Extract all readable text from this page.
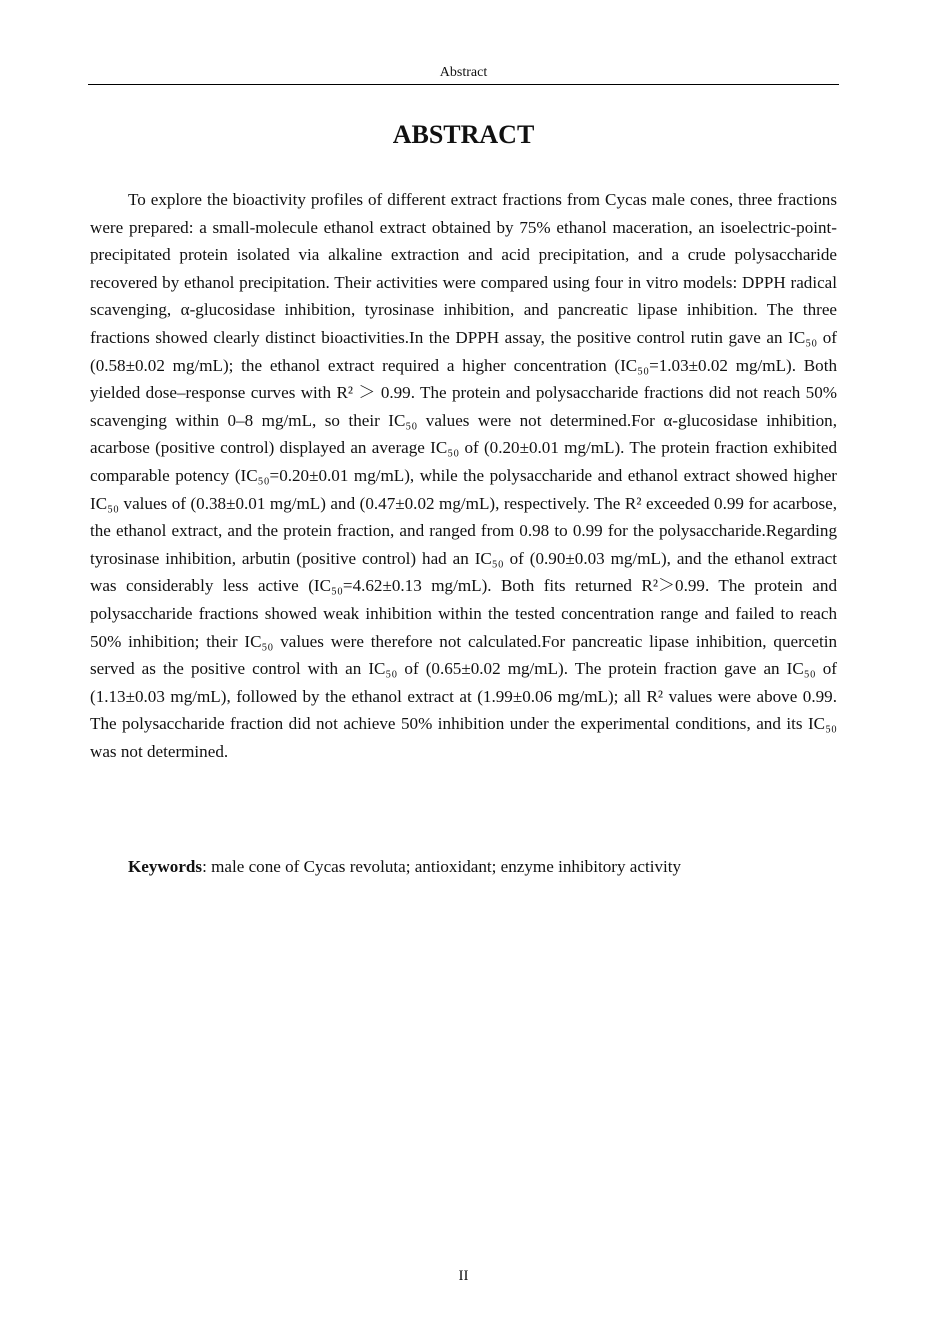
Abstract
ABSTRACT

To explore the bioactivity profiles of different extract fractions from Cycas male cones, three fractions were prepared: a small-molecule ethanol extract obtained by 75% ethanol maceration, an isoelectric-point-precipitated protein isolated via alkaline extraction and acid precipitation, and a crude polysaccharide recovered by ethanol precipitation. Their activities were compared using four in vitro models: DPPH radical scavenging, α-glucosidase inhibition, tyrosinase inhibition, and pancreatic lipase inhibition. The three fractions showed clearly distinct bioactivities.In the DPPH assay, the positive control rutin gave an IC₅₀ of (0.58±0.02 mg/mL); the ethanol extract required a higher concentration (IC₅₀=1.03±0.02 mg/mL). Both yielded dose–response curves with R² ＞ 0.99. The protein and polysaccharide fractions did not reach 50% scavenging within 0–8 mg/mL, so their IC₅₀ values were not determined.For α-glucosidase inhibition, acarbose (positive control) displayed an average IC₅₀ of (0.20±0.01 mg/mL). The protein fraction exhibited comparable potency (IC₅₀=0.20±0.01 mg/mL), while the polysaccharide and ethanol extract showed higher IC₅₀ values of (0.38±0.01 mg/mL) and (0.47±0.02 mg/mL), respectively. The R² exceeded 0.99 for acarbose, the ethanol extract, and the protein fraction, and ranged from 0.98 to 0.99 for the polysaccharide.Regarding tyrosinase inhibition, arbutin (positive control) had an IC₅₀ of (0.90±0.03 mg/mL), and the ethanol extract was considerably less active (IC₅₀=4.62±0.13 mg/mL). Both fits returned R²＞0.99. The protein and polysaccharide fractions showed weak inhibition within the tested concentration range and failed to reach 50% inhibition; their IC₅₀ values were therefore not calculated.For pancreatic lipase inhibition, quercetin served as the positive control with an IC₅₀ of (0.65±0.02 mg/mL). The protein fraction gave an IC₅₀ of (1.13±0.03 mg/mL), followed by the ethanol extract at (1.99±0.06 mg/mL); all R² values were above 0.99. The polysaccharide fraction did not achieve 50% inhibition under the experimental conditions, and its IC₅₀ was not determined.

Keywords: male cone of Cycas revoluta; antioxidant; enzyme inhibitory activity

II
